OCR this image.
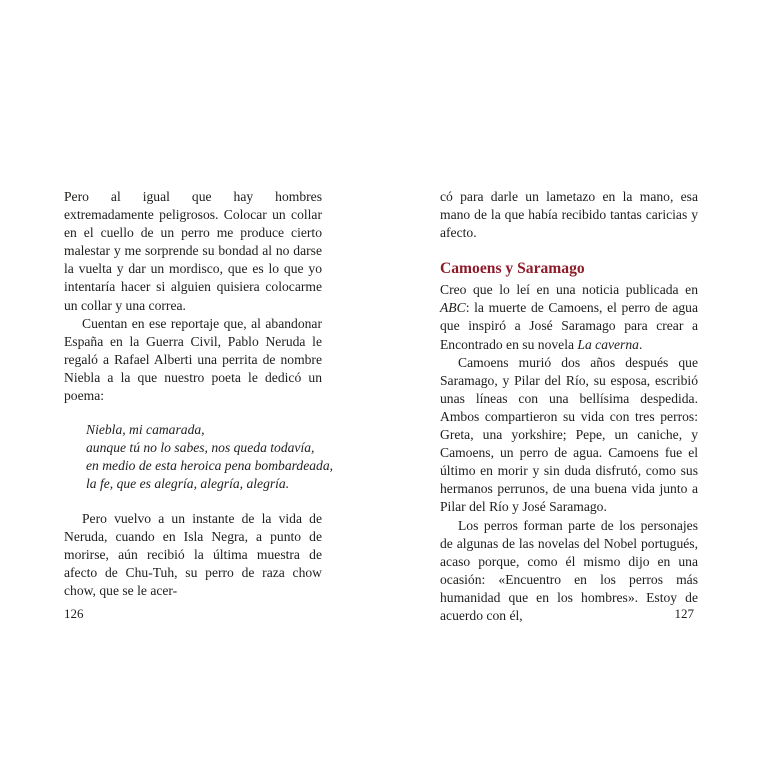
Pero al igual que hay hombres extremadamente peligrosos. Colocar un collar en el cuello de un perro me produce cierto malestar y me sorprende su bondad al no darse la vuelta y dar un mordisco, que es lo que yo intentaría hacer si alguien quisiera colocarme un collar y una correa.

Cuentan en ese reportaje que, al abandonar España en la Guerra Civil, Pablo Neruda le regaló a Rafael Alberti una perrita de nombre Niebla a la que nuestro poeta le dedicó un poema:

Niebla, mi camarada,
aunque tú no lo sabes, nos queda todavía,
en medio de esta heroica pena bombardeada,
la fe, que es alegría, alegría, alegría.

Pero vuelvo a un instante de la vida de Neruda, cuando en Isla Negra, a punto de morirse, aún recibió la última muestra de afecto de Chu-Tuh, su perro de raza chow chow, que se le acer-

126

có para darle un lametazo en la mano, esa mano de la que había recibido tantas caricias y afecto.

Camoens y Saramago

Creo que lo leí en una noticia publicada en ABC: la muerte de Camoens, el perro de agua que inspiró a José Saramago para crear a Encontrado en su novela La caverna.

Camoens murió dos años después que Saramago, y Pilar del Río, su esposa, escribió unas líneas con una bellísima despedida. Ambos compartieron su vida con tres perros: Greta, una yorkshire; Pepe, un caniche, y Camoens, un perro de agua. Camoens fue el último en morir y sin duda disfrutó, como sus hermanos perrunos, de una buena vida junto a Pilar del Río y José Saramago.

Los perros forman parte de los personajes de algunas de las novelas del Nobel portugués, acaso porque, como él mismo dijo en una ocasión: «Encuentro en los perros más humanidad que en los hombres». Estoy de acuerdo con él,	127
